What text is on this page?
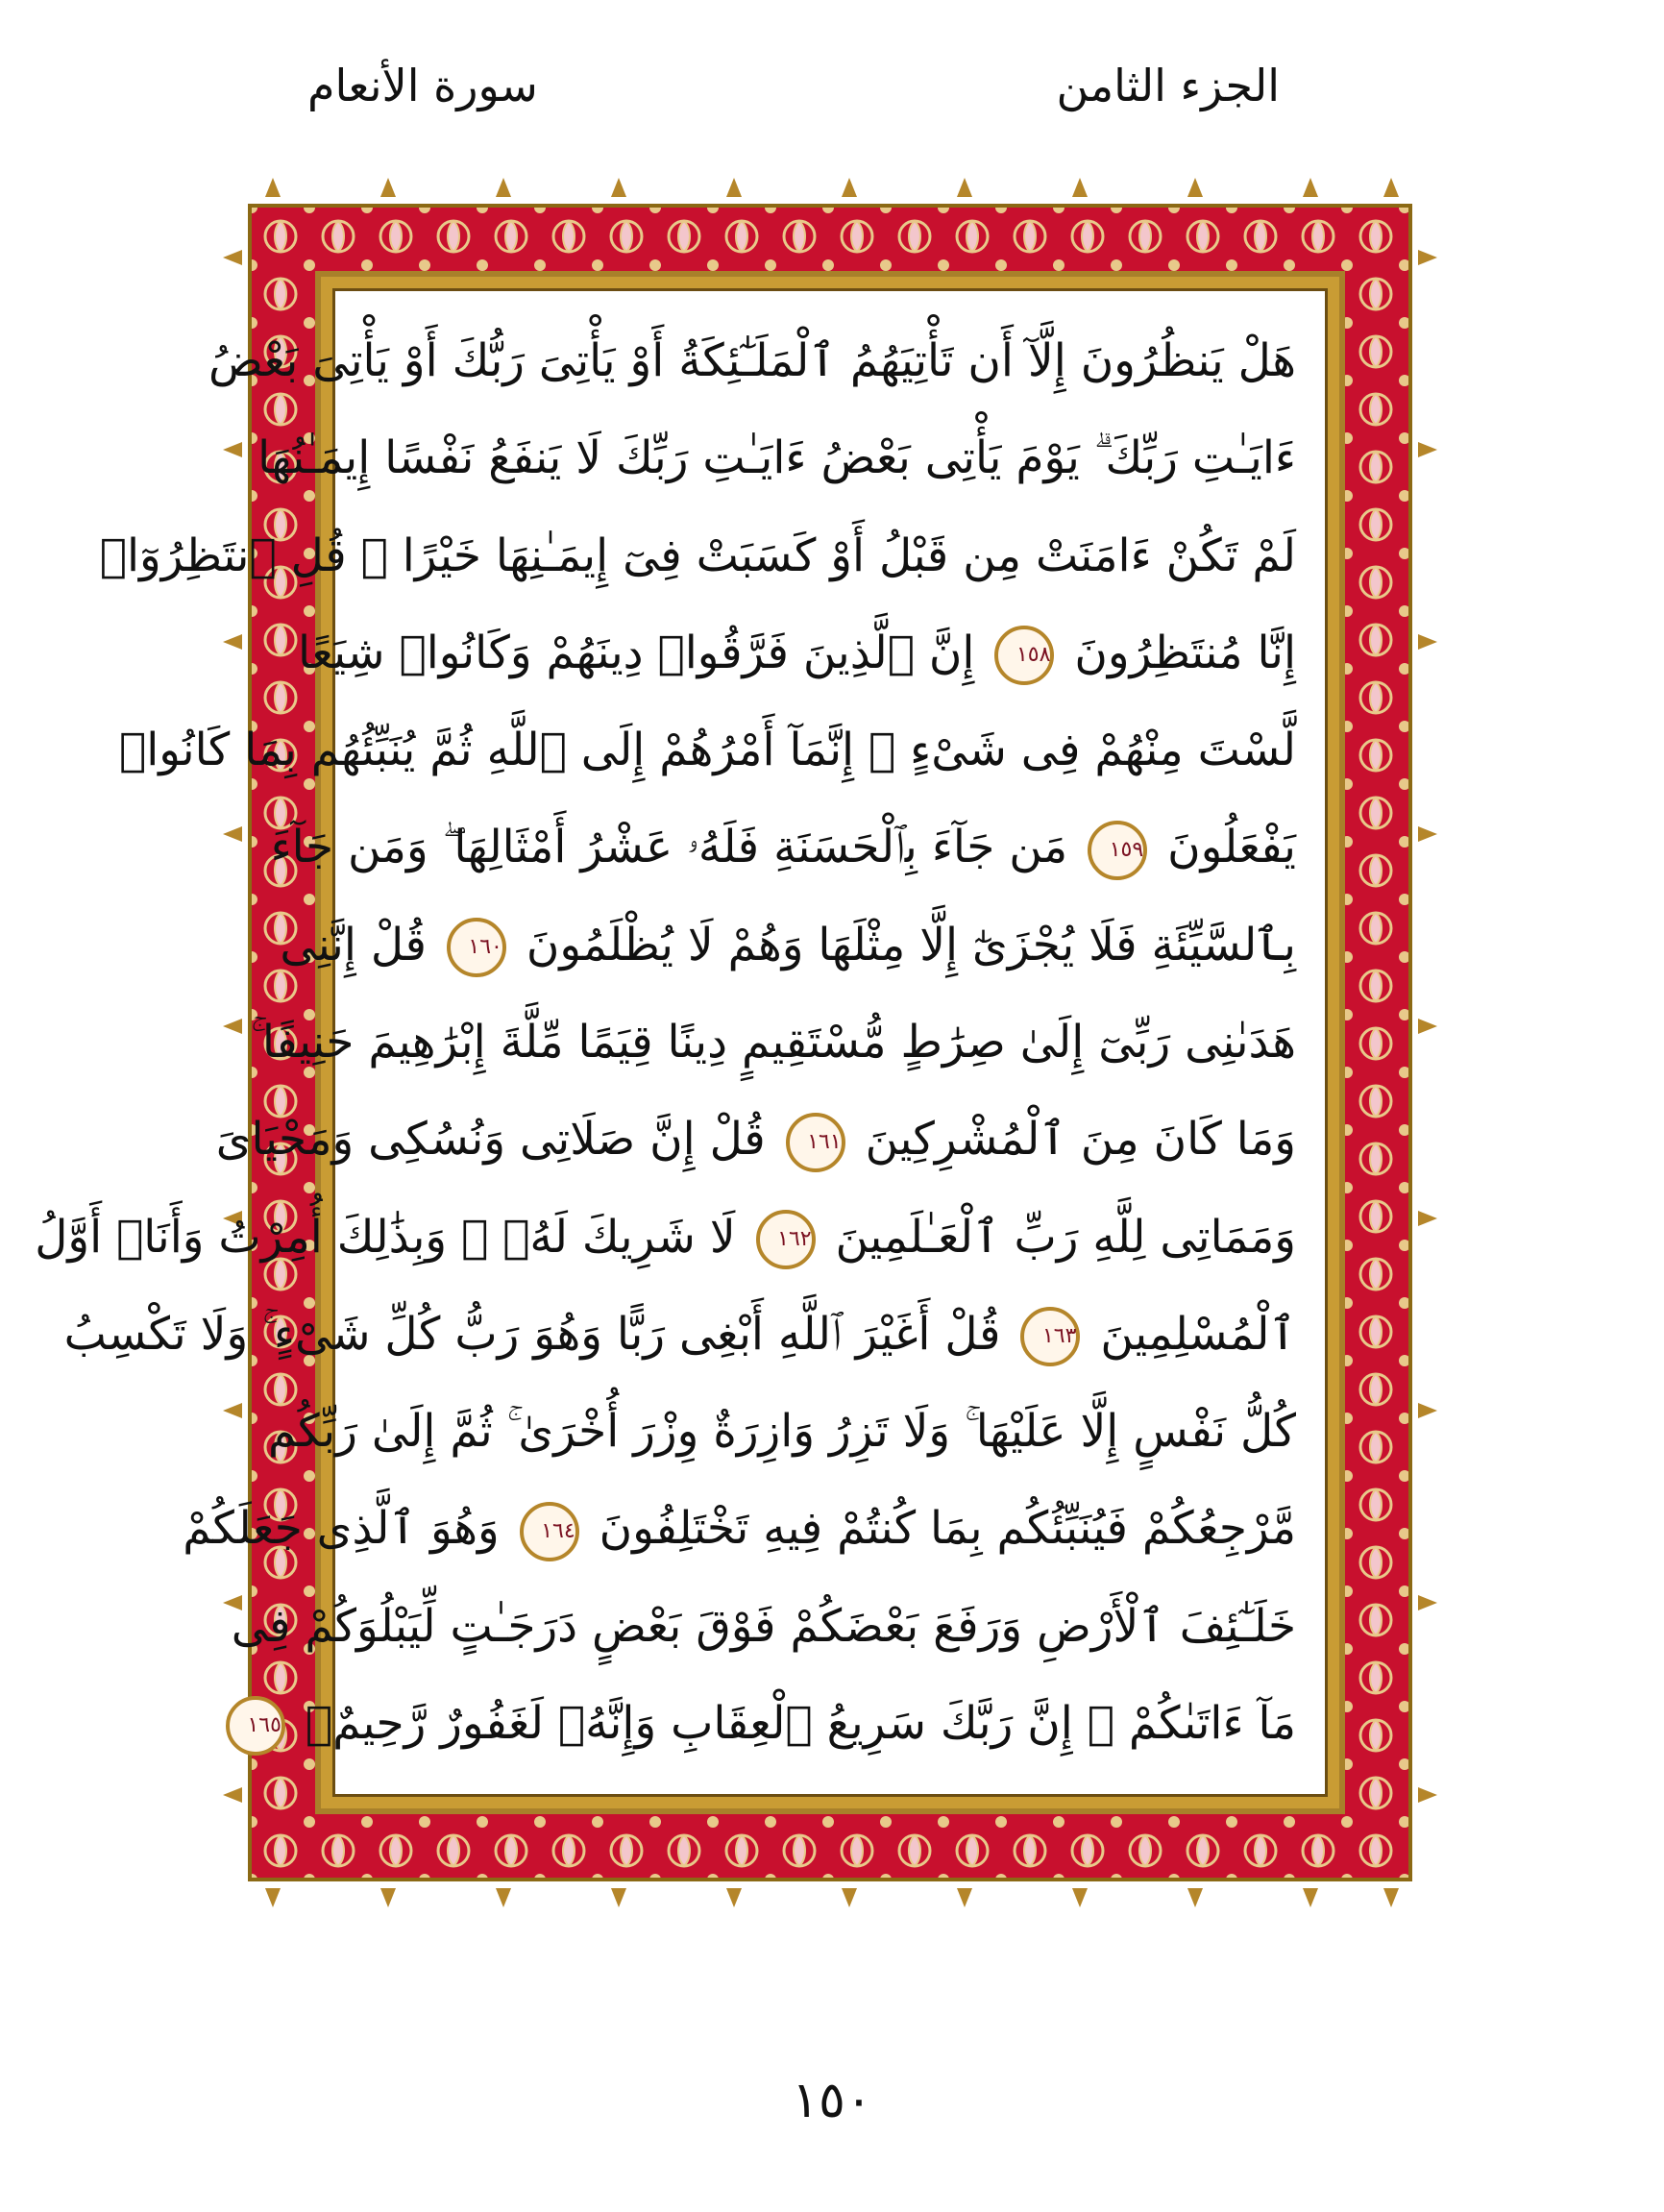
الجزء الثامن
سورة الأنعام
هَلْ يَنظُرُونَ إِلَّآ أَن تَأْتِيَهُمُ ٱلْمَلَـٰٓئِكَةُ أَوْ يَأْتِىَ رَبُّكَ أَوْ يَأْتِىَ بَعْضُ
ءَايَـٰتِ رَبِّكَ ۗ يَوْمَ يَأْتِى بَعْضُ ءَايَـٰتِ رَبِّكَ لَا يَنفَعُ نَفْسًا إِيمَـٰنُهَا
لَمْ تَكُنْ ءَامَنَتْ مِن قَبْلُ أَوْ كَسَبَتْ فِىٓ إِيمَـٰنِهَا خَيْرًا ۗ قُلِ ٱنتَظِرُوٓا۟
إِنَّا مُنتَظِرُونَ ١٥٨ إِنَّ ٱلَّذِينَ فَرَّقُوا۟ دِينَهُمْ وَكَانُوا۟ شِيَعًا
لَّسْتَ مِنْهُمْ فِى شَىْءٍ ۚ إِنَّمَآ أَمْرُهُمْ إِلَى ٱللَّهِ ثُمَّ يُنَبِّئُهُم بِمَا كَانُوا۟
يَفْعَلُونَ ١٥٩ مَن جَآءَ بِٱلْحَسَنَةِ فَلَهُۥ عَشْرُ أَمْثَالِهَا ۖ وَمَن جَآءَ
بِٱلسَّيِّئَةِ فَلَا يُجْزَىٰٓ إِلَّا مِثْلَهَا وَهُمْ لَا يُظْلَمُونَ ١٦٠ قُلْ إِنَّنِى
هَدَىٰنِى رَبِّىٓ إِلَىٰ صِرَٰطٍ مُّسْتَقِيمٍ دِينًا قِيَمًا مِّلَّةَ إِبْرَٰهِيمَ حَنِيفًا ۚ
وَمَا كَانَ مِنَ ٱلْمُشْرِكِينَ ١٦١ قُلْ إِنَّ صَلَاتِى وَنُسُكِى وَمَحْيَاىَ
وَمَمَاتِى لِلَّهِ رَبِّ ٱلْعَـٰلَمِينَ ١٦٢ لَا شَرِيكَ لَهُۥ ۖ وَبِذَٰلِكَ أُمِرْتُ وَأَنَا۠ أَوَّلُ
ٱلْمُسْلِمِينَ ١٦٣ قُلْ أَغَيْرَ ٱللَّهِ أَبْغِى رَبًّا وَهُوَ رَبُّ كُلِّ شَىْءٍ ۚ وَلَا تَكْسِبُ
كُلُّ نَفْسٍ إِلَّا عَلَيْهَا ۚ وَلَا تَزِرُ وَازِرَةٌ وِزْرَ أُخْرَىٰ ۚ ثُمَّ إِلَىٰ رَبِّكُم
مَّرْجِعُكُمْ فَيُنَبِّئُكُم بِمَا كُنتُمْ فِيهِ تَخْتَلِفُونَ ١٦٤ وَهُوَ ٱلَّذِى جَعَلَكُمْ
خَلَـٰٓئِفَ ٱلْأَرْضِ وَرَفَعَ بَعْضَكُمْ فَوْقَ بَعْضٍ دَرَجَـٰتٍ لِّيَبْلُوَكُمْ فِى
مَآ ءَاتَىٰكُمْ ۗ إِنَّ رَبَّكَ سَرِيعُ ٱلْعِقَابِ وَإِنَّهُۥ لَغَفُورٌ رَّحِيمٌۢ ١٦٥
١٥٠
